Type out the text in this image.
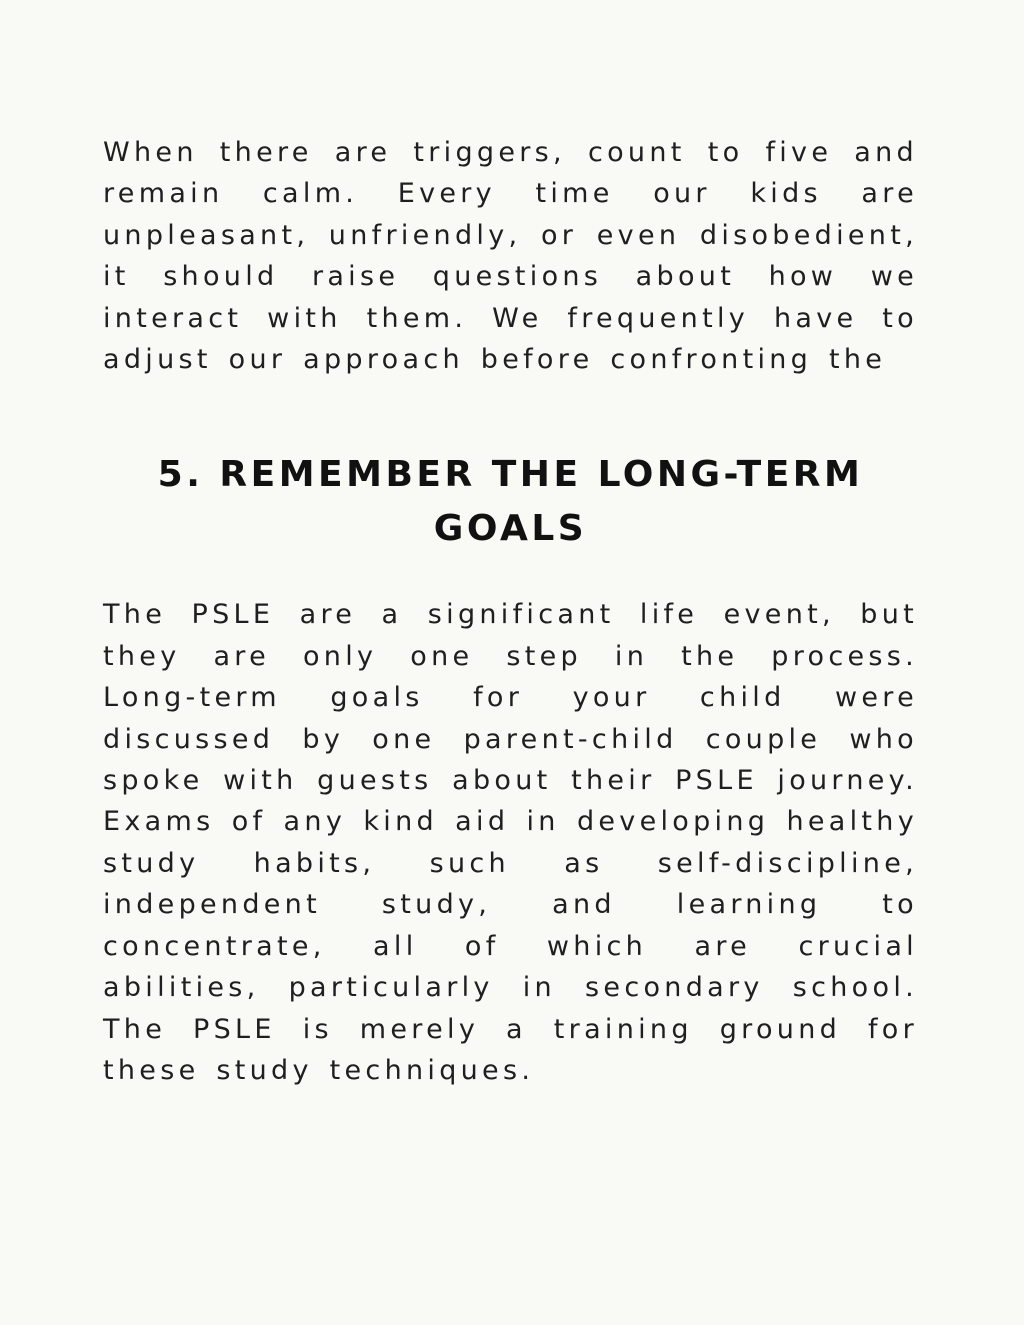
When there are triggers, count to five and remain calm. Every time our kids are unpleasant, unfriendly, or even disobedient, it should raise questions about how we interact with them. We frequently have to adjust our approach before confronting the

5. REMEMBER THE LONG-TERM GOALS

The PSLE are a significant life event, but they are only one step in the process. Long-term goals for your child were discussed by one parent-child couple who spoke with guests about their PSLE journey. Exams of any kind aid in developing healthy study habits, such as self-discipline, independent study, and learning to concentrate, all of which are crucial abilities, particularly in secondary school. The PSLE is merely a training ground for these study techniques.
